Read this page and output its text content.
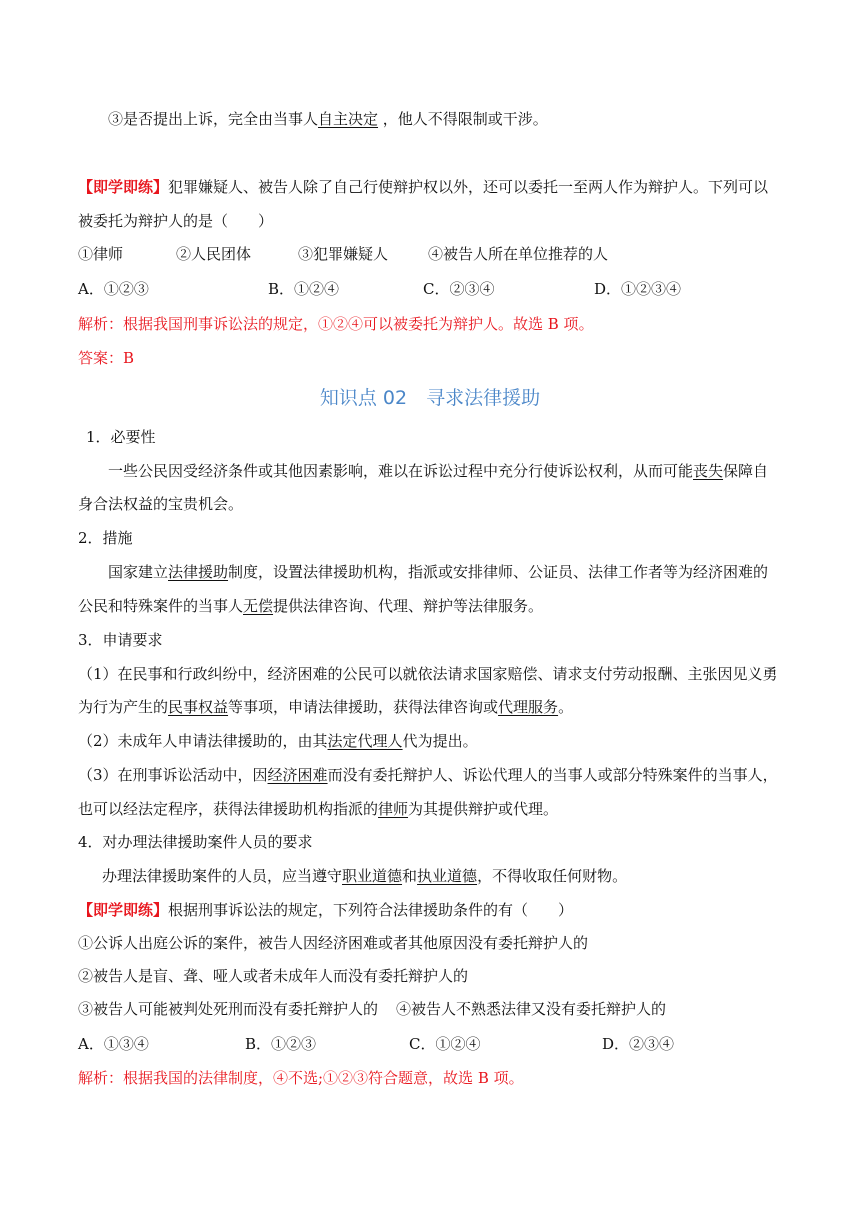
③是否提出上诉，完全由当事人自主决定 ，他人不得限制或干涉。
【即学即练】犯罪嫌疑人、被告人除了自己行使辩护权以外，还可以委托一至两人作为辩护人。下列可以
被委托为辩护人的是（　　）
①律师	②人民团体	③犯罪嫌疑人	④被告人所在单位推荐的人
A．①②③	B．①②④	C．②③④	D．①②③④
解析：根据我国刑事诉讼法的规定，①②④可以被委托为辩护人。故选 B 项。
答案：B
知识点 02　寻求法律援助
1．必要性
一些公民因受经济条件或其他因素影响，难以在诉讼过程中充分行使诉讼权利，从而可能丧失保障自
身合法权益的宝贵机会。
2．措施
国家建立法律援助制度，设置法律援助机构，指派或安排律师、公证员、法律工作者等为经济困难的
公民和特殊案件的当事人无偿提供法律咨询、代理、辩护等法律服务。
3．申请要求
（1）在民事和行政纠纷中，经济困难的公民可以就依法请求国家赔偿、请求支付劳动报酬、主张因见义勇
为行为产生的民事权益等事项，申请法律援助，获得法律咨询或代理服务。
（2）未成年人申请法律援助的，由其法定代理人代为提出。
（3）在刑事诉讼活动中，因经济困难而没有委托辩护人、诉讼代理人的当事人或部分特殊案件的当事人，
也可以经法定程序，获得法律援助机构指派的律师为其提供辩护或代理。
4．对办理法律援助案件人员的要求
办理法律援助案件的人员，应当遵守职业道德和执业道德，不得收取任何财物。
【即学即练】根据刑事诉讼法的规定，下列符合法律援助条件的有（　　）
①公诉人出庭公诉的案件，被告人因经济困难或者其他原因没有委托辩护人的
②被告人是盲、聋、哑人或者未成年人而没有委托辩护人的
③被告人可能被判处死刑而没有委托辩护人的 ④被告人不熟悉法律又没有委托辩护人的
A．①③④	B．①②③	C．①②④	D．②③④
解析：根据我国的法律制度，④不选;①②③符合题意，故选 B 项。
